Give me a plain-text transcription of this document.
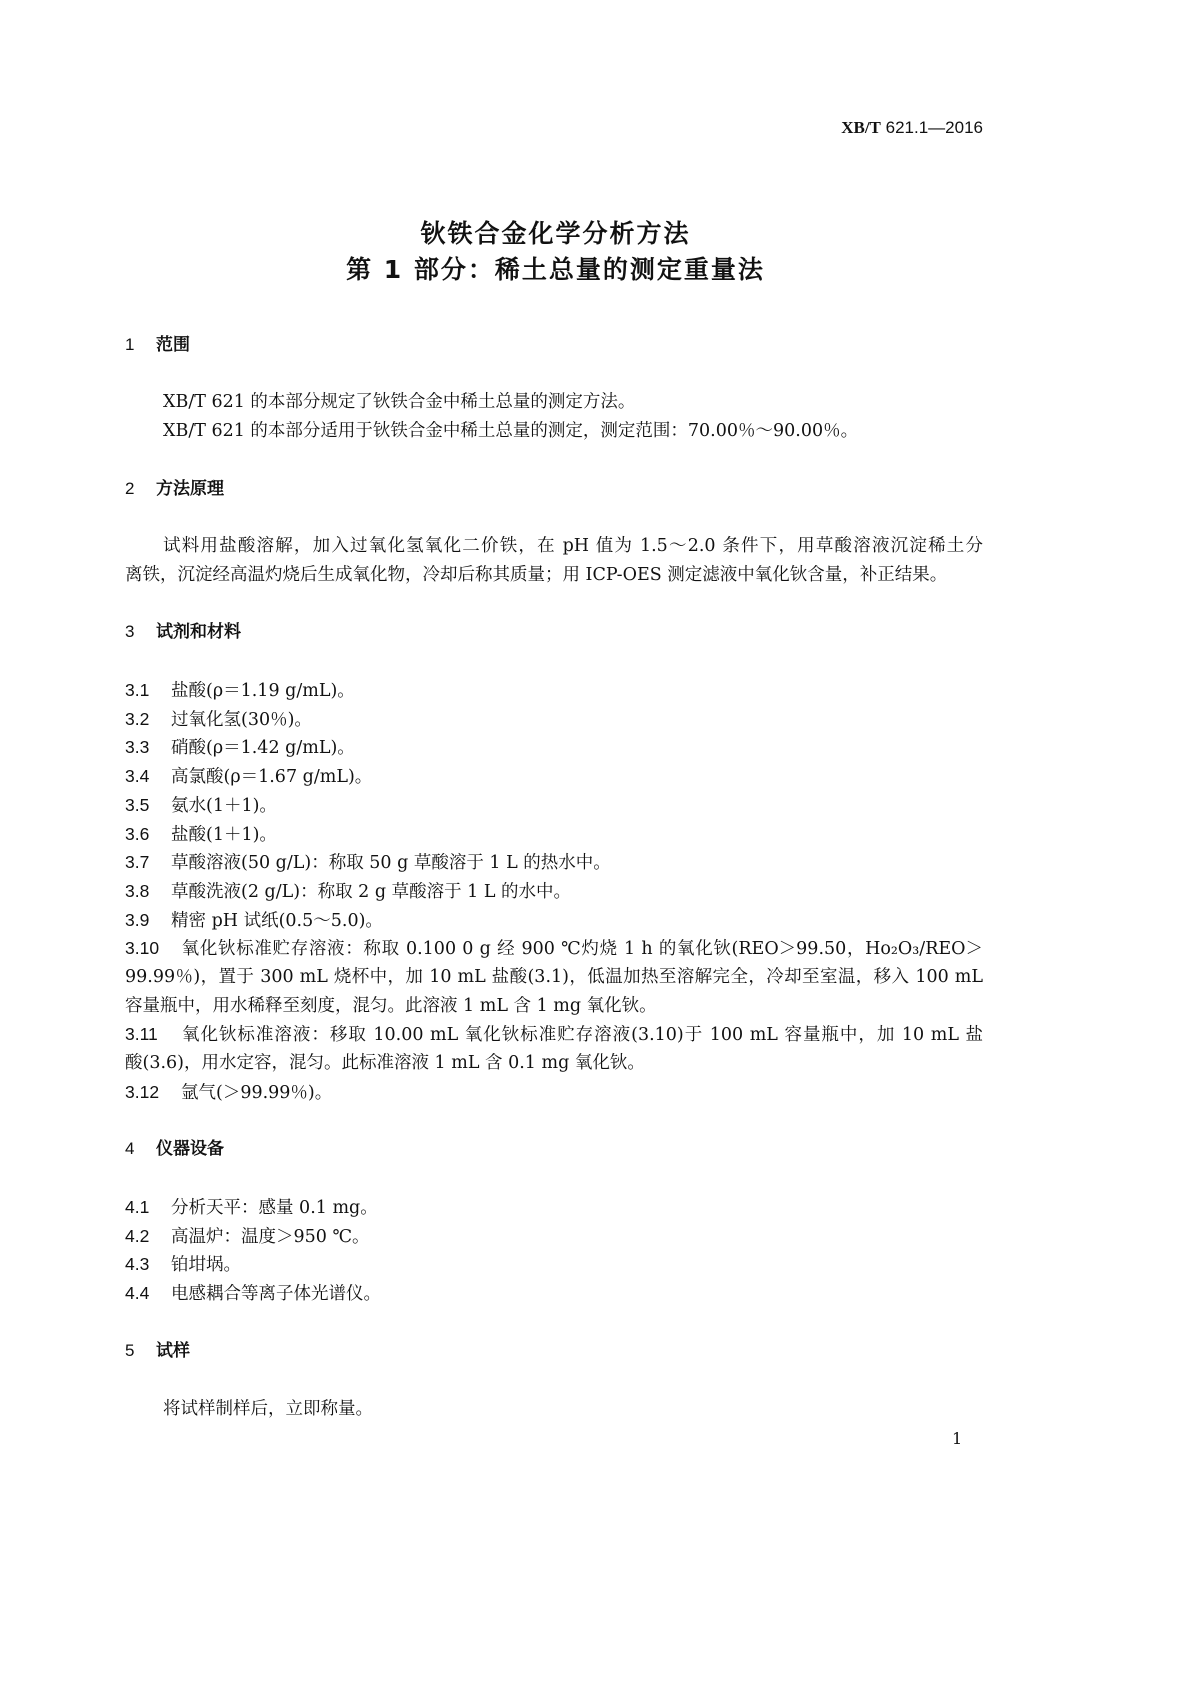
XB/T 621.1—2016
钬铁合金化学分析方法
第 1 部分：稀土总量的测定重量法
1 范围
XB/T 621 的本部分规定了钬铁合金中稀土总量的测定方法。
XB/T 621 的本部分适用于钬铁合金中稀土总量的测定，测定范围：70.00％～90.00％。
2 方法原理
试料用盐酸溶解，加入过氧化氢氧化二价铁，在 pH 值为 1.5～2.0 条件下，用草酸溶液沉淀稀土分
离铁，沉淀经高温灼烧后生成氧化物，冷却后称其质量；用 ICP-OES 测定滤液中氧化钬含量，补正结果。
3 试剂和材料
3.1 盐酸(ρ＝1.19 g/mL)。
3.2 过氧化氢(30％)。
3.3 硝酸(ρ＝1.42 g/mL)。
3.4 高氯酸(ρ＝1.67 g/mL)。
3.5 氨水(1＋1)。
3.6 盐酸(1＋1)。
3.7 草酸溶液(50 g/L)：称取 50 g 草酸溶于 1 L 的热水中。
3.8 草酸洗液(2 g/L)：称取 2 g 草酸溶于 1 L 的水中。
3.9 精密 pH 试纸(0.5～5.0)。
3.10 氧化钬标准贮存溶液：称取 0.100 0 g 经 900 ℃灼烧 1 h 的氧化钬(REO＞99.50，Ho₂O₃/REO＞
99.99％)，置于 300 mL 烧杯中，加 10 mL 盐酸(3.1)，低温加热至溶解完全，冷却至室温，移入 100 mL
容量瓶中，用水稀释至刻度，混匀。此溶液 1 mL 含 1 mg 氧化钬。
3.11 氧化钬标准溶液：移取 10.00 mL 氧化钬标准贮存溶液(3.10)于 100 mL 容量瓶中，加 10 mL 盐
酸(3.6)，用水定容，混匀。此标准溶液 1 mL 含 0.1 mg 氧化钬。
3.12 氩气(＞99.99％)。
4 仪器设备
4.1 分析天平：感量 0.1 mg。
4.2 高温炉：温度＞950 ℃。
4.3 铂坩埚。
4.4 电感耦合等离子体光谱仪。
5 试样
将试样制样后，立即称量。
1
